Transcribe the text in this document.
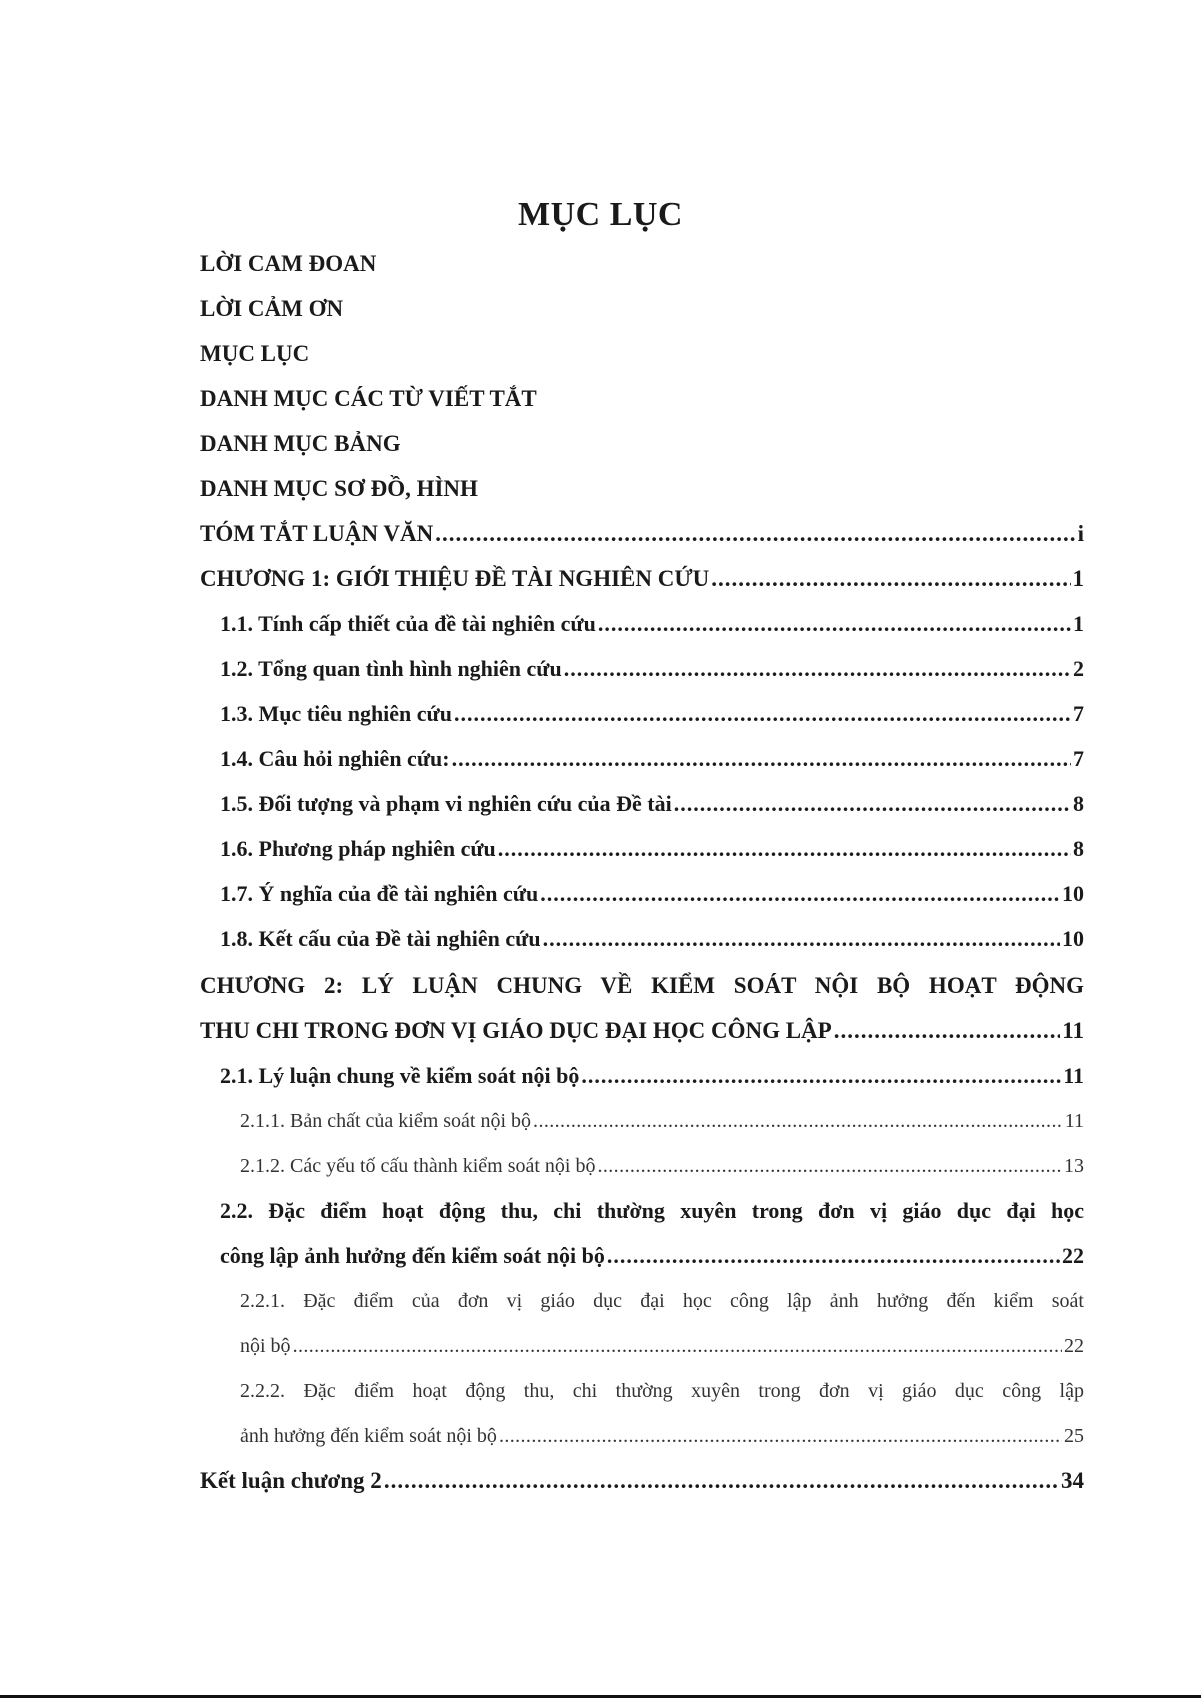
MỤC LỤC
LỜI CAM ĐOAN
LỜI CẢM ƠN
MỤC LỤC
DANH MỤC CÁC TỪ VIẾT TẮT
DANH MỤC BẢNG
DANH MỤC SƠ ĐỒ, HÌNH
TÓM TẮT LUẬN VĂN .....	i
CHƯƠNG 1: GIỚI THIỆU ĐỀ TÀI NGHIÊN CỨU .....	1
1.1. Tính cấp thiết của đề tài nghiên cứu .....	1
1.2. Tổng quan tình hình nghiên cứu .....	2
1.3. Mục tiêu nghiên cứu .....	7
1.4. Câu hỏi nghiên cứu: .....	7
1.5. Đối tượng và phạm vi nghiên cứu của Đề tài .....	8
1.6. Phương pháp nghiên cứu .....	8
1.7. Ý nghĩa của đề tài nghiên cứu .....	10
1.8. Kết cấu của Đề tài nghiên cứu .....	10
CHƯƠNG 2: LÝ LUẬN CHUNG VỀ KIỂM SOÁT NỘI BỘ HOẠT ĐỘNG
THU CHI TRONG ĐƠN VỊ GIÁO DỤC ĐẠI HỌC CÔNG LẬP .....	11
2.1. Lý luận chung về kiểm soát nội bộ .....	11
2.1.1. Bản chất của kiểm soát nội bộ .....	11
2.1.2. Các yếu tố cấu thành kiểm soát nội bộ .....	13
2.2. Đặc điểm hoạt động thu, chi thường xuyên trong đơn vị giáo dục đại học
công lập ảnh hưởng đến kiểm soát nội bộ .....	22
2.2.1. Đặc điểm của đơn vị giáo dục đại học công lập ảnh hưởng đến kiểm soát
nội bộ .....	22
2.2.2. Đặc điểm hoạt động thu, chi thường xuyên trong đơn vị giáo dục công lập
ảnh hưởng đến kiểm soát nội bộ .....	25
Kết luận chương 2 .....	34
